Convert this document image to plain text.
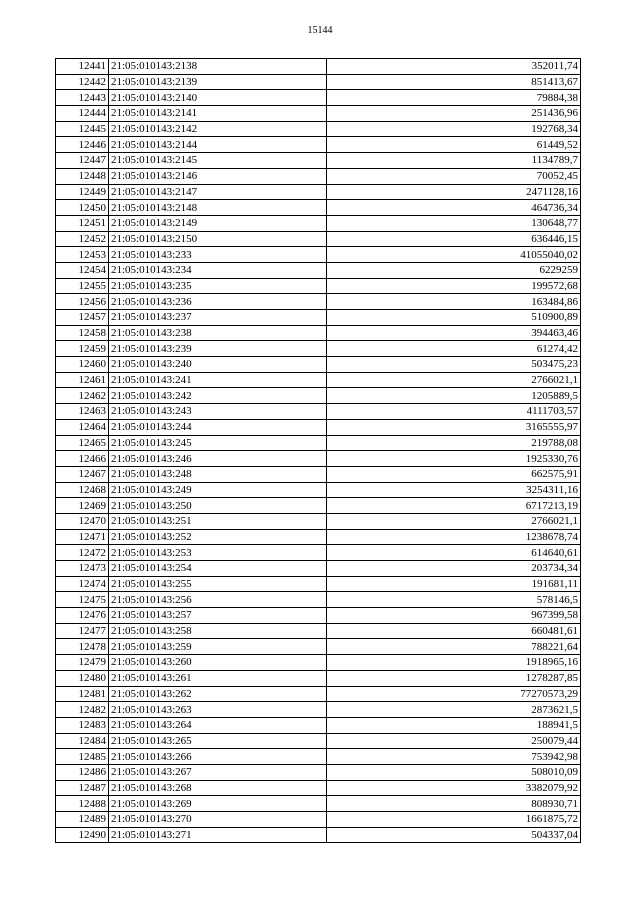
15144
12441	21:05:010143:2138	352011,74
12442	21:05:010143:2139	851413,67
12443	21:05:010143:2140	79884,38
12444	21:05:010143:2141	251436,96
12445	21:05:010143:2142	192768,34
12446	21:05:010143:2144	61449,52
12447	21:05:010143:2145	1134789,7
12448	21:05:010143:2146	70052,45
12449	21:05:010143:2147	2471128,16
12450	21:05:010143:2148	464736,34
12451	21:05:010143:2149	130648,77
12452	21:05:010143:2150	636446,15
12453	21:05:010143:233	41055040,02
12454	21:05:010143:234	6229259
12455	21:05:010143:235	199572,68
12456	21:05:010143:236	163484,86
12457	21:05:010143:237	510900,89
12458	21:05:010143:238	394463,46
12459	21:05:010143:239	61274,42
12460	21:05:010143:240	503475,23
12461	21:05:010143:241	2766021,1
12462	21:05:010143:242	1205889,5
12463	21:05:010143:243	4111703,57
12464	21:05:010143:244	3165555,97
12465	21:05:010143:245	219788,08
12466	21:05:010143:246	1925330,76
12467	21:05:010143:248	662575,91
12468	21:05:010143:249	3254311,16
12469	21:05:010143:250	6717213,19
12470	21:05:010143:251	2766021,1
12471	21:05:010143:252	1238678,74
12472	21:05:010143:253	614640,61
12473	21:05:010143:254	203734,34
12474	21:05:010143:255	191681,11
12475	21:05:010143:256	578146,5
12476	21:05:010143:257	967399,58
12477	21:05:010143:258	660481,61
12478	21:05:010143:259	788221,64
12479	21:05:010143:260	1918965,16
12480	21:05:010143:261	1278287,85
12481	21:05:010143:262	77270573,29
12482	21:05:010143:263	2873621,5
12483	21:05:010143:264	188941,5
12484	21:05:010143:265	250079,44
12485	21:05:010143:266	753942,98
12486	21:05:010143:267	508010,09
12487	21:05:010143:268	3382079,92
12488	21:05:010143:269	808930,71
12489	21:05:010143:270	1661875,72
12490	21:05:010143:271	504337,04
